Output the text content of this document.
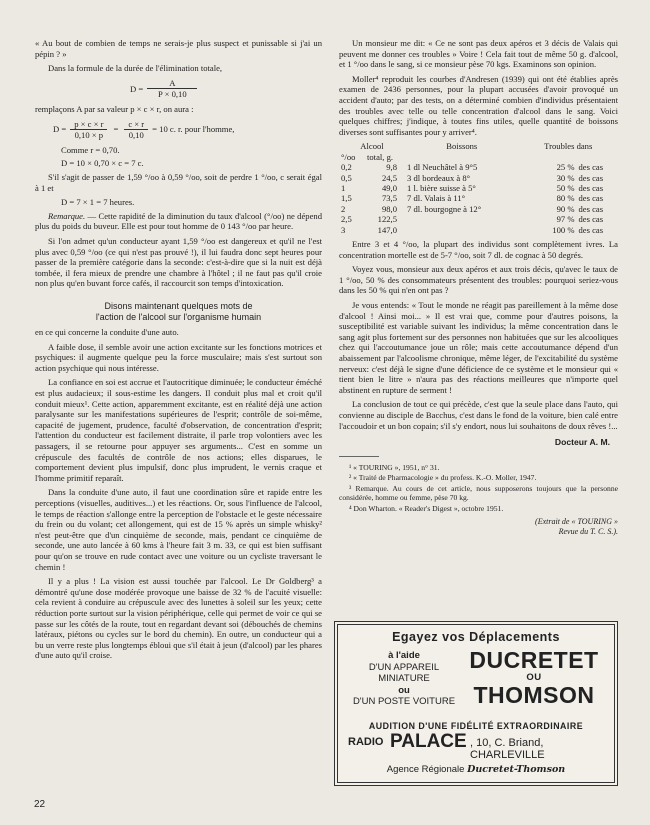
« Au bout de combien de temps ne serais-je plus suspect et punissable si j'ai un pépin ? »

Dans la formule de la durée de l'élimination totale,

$D = \frac{A}{P \times 0,10}$

remplaçons A par sa valeur p × c × r, on aura :

$D = \frac{p \times c \times r}{0,10 \times p} = \frac{c \times r}{0,10} = 10$ c. r. pour l'homme,

Comme r = 0,70.

D = 10 × 0,70 × c = 7 c.

S'il s'agit de passer de 1,59 °/oo à 0,59 °/oo, soit de perdre 1 °/oo, c serait égal à 1 et

D = 7 × 1 = 7 heures.

Remarque. — Cette rapidité de la diminution du taux d'alcool (°/oo) ne dépend plus du poids du buveur. Elle est pour tout homme de 0 143 °/oo par heure.

Si l'on admet qu'un conducteur ayant 1,59 °/oo est dangereux et qu'il ne l'est plus avec 0,59 °/oo (ce qui n'est pas prouvé !), il lui faudra donc sept heures pour passer de la première catégorie dans la seconde: c'est-à-dire que si la nuit est déjà tombée, il fera mieux de prendre une chambre à l'hôtel ; il ne faut pas qu'il croie non plus qu'en buvant force cafés, il raccourcit son temps d'intoxication.

Disons maintenant quelques mots de
l'action de l'alcool sur l'organisme humain

en ce qui concerne la conduite d'une auto.

A faible dose, il semble avoir une action excitante sur les fonctions motrices et psychiques: il augmente quelque peu la force musculaire; mais s'est surtout son action psychique qui nous intéresse.

La confiance en soi est accrue et l'autocritique diminuée; le conducteur éméché est plus audacieux; il sous-estime les dangers. Il conduit plus mal et croit qu'il conduit mieux¹. Cette action, apparemment excitante, est en réalité déjà une action paralysante sur les manifestations supérieures de l'esprit; contrôle de soi-même, capacité de jugement, prudence, faculté d'observation, de concentration d'esprit; l'attention du conducteur est facilement distraite, il parle trop volontiers avec les passagers, il se retourne pour appuyer ses arguments... C'est en somme un crépuscule des facultés de contrôle de nos actions; elles disparues, le comportement devient plus impulsif, donc plus imprudent, le vernis craque et l'homme primitif reparaît.

Dans la conduite d'une auto, il faut une coordination sûre et rapide entre les perceptions (visuelles, auditives...) et les réactions. Or, sous l'influence de l'alcool, le temps de réaction s'allonge entre la perception de l'obstacle et le geste nécessaire du frein ou du volant; cet allongement, qui est de 15 % après un simple whisky² n'est peut-être que d'un cinquième de seconde, mais, pendant ce cinquième de seconde, une auto lancée à 60 kms à l'heure fait 3 m. 33, ce qui est bien suffisant pour qu'on se trouve en rude contact avec une voiture ou un cycliste traversant le chemin !

Il y a plus ! La vision est aussi touchée par l'alcool. Le Dr Goldberg³ a démontré qu'une dose modérée provoque une baisse de 32 % de l'acuité visuelle: cela revient à conduire au crépuscule avec des lunettes à soleil sur les yeux; cette réduction porte surtout sur la vision périphérique, celle qui permet de voir ce qui se passe sur les côtés de la route, tout en regardant devant soi (débouchés de chemins latéraux, piétons ou cycles sur le bord du chemin). En outre, un conducteur qui a bu un verre reste plus longtemps ébloui que s'il était à jeun (d'alcool) par les phares d'une auto qu'il croise.

Un monsieur me dit: « Ce ne sont pas deux apéros et 3 décis de Valais qui peuvent me donner ces troubles » Voire ! Cela fait tout de même 50 g. d'alcool, et 1 °/oo dans le sang, si ce monsieur pèse 70 kgs. Examinons son opinion.

Moller⁴ reproduit les courbes d'Andresen (1939) qui ont été établies après examen de 2436 personnes, pour la plupart accusées d'avoir provoqué un accident d'auto; par des tests, on a déterminé combien d'individus présentaient des troubles avec telle ou telle concentration d'alcool dans le sang. Voici quelques chiffres; j'indique, à toutes fins utiles, quelle quantité de boissons diverses sont suffisantes pour y arriver⁴.

Alcool		Boissons	Troubles dans	
°/oo	total, g.			
0,2	9,8	1 dl Neuchâtel à 9°5	25 %	des cas
0,5	24,5	3 dl bordeaux à 8°	30 %	des cas
1	49,0	1 l. bière suisse à 5°	50 %	des cas
1,5	73,5	7 dl. Valais à 11°	80 %	des cas
2	98,0	7 dl. bourgogne à 12°	90 %	des cas
2,5	122,5		97 %	des cas
3	147,0		100 %	des cas

Entre 3 et 4 °/oo, la plupart des individus sont complètement ivres. La concentration mortelle est de 5-7 °/oo, soit 7 dl. de cognac à 50 degrés.

Voyez vous, monsieur aux deux apéros et aux trois décis, qu'avec le taux de 1 °/oo, 50 % des consommateurs présentent des troubles: pourquoi seriez-vous dans les 50 % qui n'en ont pas ?

Je vous entends: « Tout le monde ne réagit pas pareillement à la même dose d'alcool ! Ainsi moi... » Il est vrai que, comme pour d'autres poisons, la susceptibilité est variable suivant les individus; la même concentration dans le sang agit plus fortement sur des personnes non habituées que sur les alcooliques chez qui l'accoutumance joue un rôle; mais cette accoutumance dépend d'un abaissement par l'alcoolisme chronique, même léger, de l'excitabilité du système nerveux: c'est déjà le signe d'une déficience de ce système et le monsieur qui « tient bien le litre » n'aura pas des réactions meilleures que n'importe quel abstinent en rupture de serment !

La conclusion de tout ce qui précède, c'est que la seule place dans l'auto, qui convienne au disciple de Bacchus, c'est dans le fond de la voiture, bien calé entre l'accoudoir et un bon copain; s'il s'y endort, nous lui souhaitons de doux rêves !...

Docteur A. M.

¹ « TOURING », 1951, n° 31.

² « Traité de Pharmacologie » du profess. K.-O. Moller, 1947.

³ Remarque. Au cours de cet article, nous supposerons toujours que la personne considérée, homme ou femme, pèse 70 kg.

⁴ Don Wharton. « Reader's Digest », octobre 1951.

(Extrait de « TOURING »
Revue du T. C. S.).
Egayez vos Déplacements
à l'aide
D'UN APPAREIL MINIATURE
ou
D'UN POSTE VOITURE
DUCRETET
OU
THOMSON
AUDITION D'UNE FIDÉLITÉ EXTRAORDINAIRE
RADIO PALACE , 10, C. Briand, CHARLEVILLE
Agence Régionale Ducretet-Thomson
22
